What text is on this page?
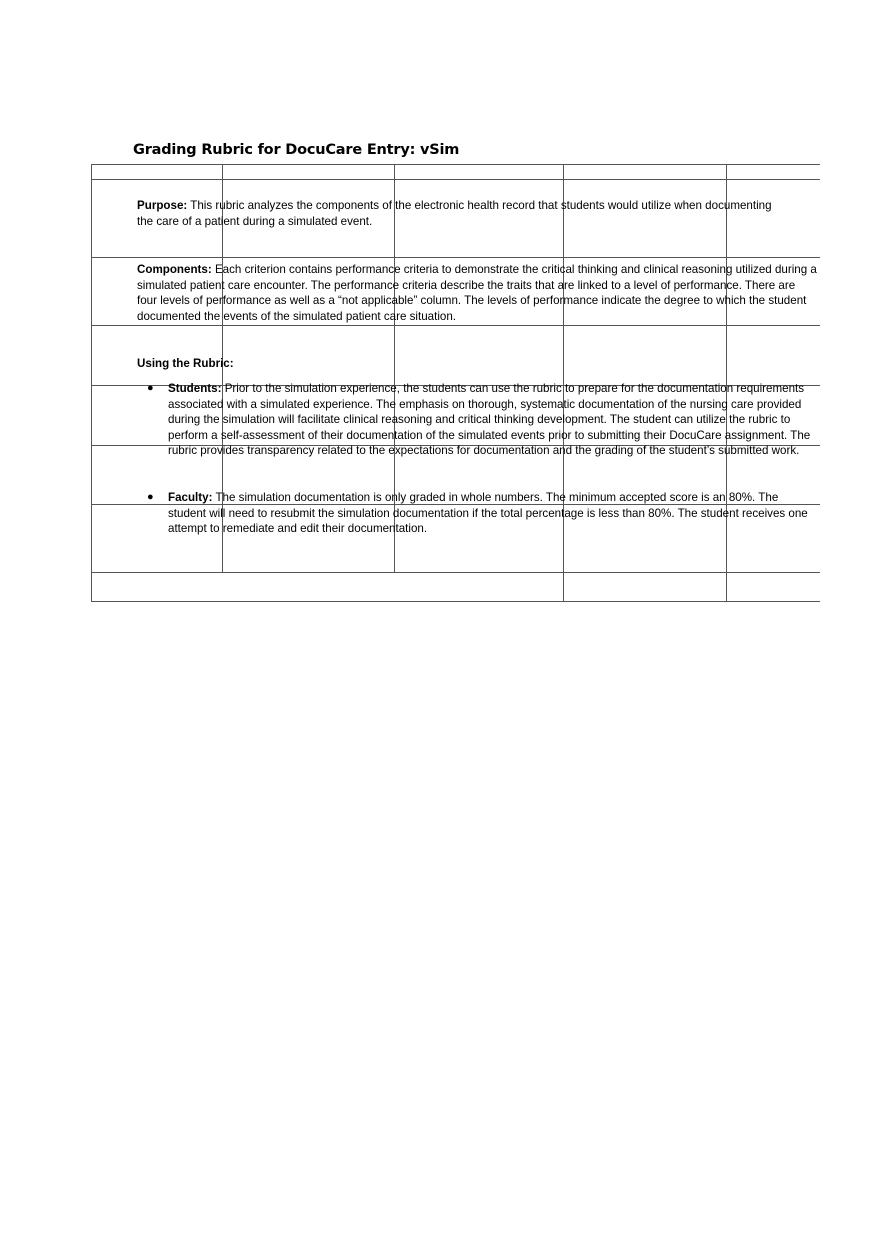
Grading Rubric for DocuCare Entry: vSim

Purpose: This rubric analyzes the components of the electronic health record that students would utilize when documenting the care of a patient during a simulated event.

Components: Each criterion contains performance criteria to demonstrate the critical thinking and clinical reasoning utilized during a simulated patient care encounter. The performance criteria describe the traits that are linked to a level of performance. There are four levels of performance as well as a “not applicable” column. The levels of performance indicate the degree to which the student documented the events of the simulated patient care situation.

Using the Rubric:

● Students: Prior to the simulation experience, the students can use the rubric to prepare for the documentation requirements associated with a simulated experience. The emphasis on thorough, systematic documentation of the nursing care provided during the simulation will facilitate clinical reasoning and critical thinking development. The student can utilize the rubric to perform a self-assessment of their documentation of the simulated events prior to submitting their DocuCare assignment. The rubric provides transparency related to the expectations for documentation and the grading of the student’s submitted work.
● Faculty: The simulation documentation is only graded in whole numbers. The minimum accepted score is an 80%. The student will need to resubmit the simulation documentation if the total percentage is less than 80%. The student receives one attempt to remediate and edit their documentation.
